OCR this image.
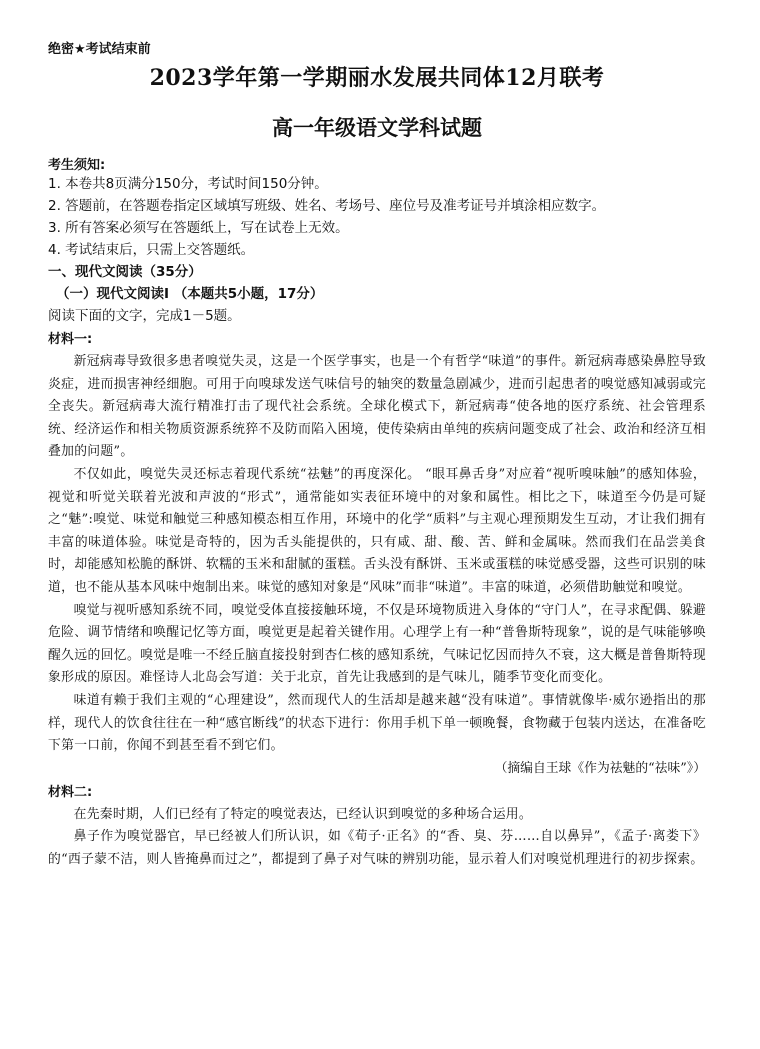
绝密★考试结束前

2023学年第一学期丽水发展共同体12月联考

高一年级语文学科试题

考生须知:

1. 本卷共8页满分150分，考试时间150分钟。

2. 答题前，在答题卷指定区域填写班级、姓名、考场号、座位号及准考证号并填涂相应数字。

3. 所有答案必须写在答题纸上，写在试卷上无效。

4. 考试结束后，只需上交答题纸。

一、现代文阅读（35分）

（一）现代文阅读Ⅰ （本题共5小题，17分）

阅读下面的文字，完成1－5题。

材料一:

新冠病毒导致很多患者嗅觉失灵，这是一个医学事实，也是一个有哲学“味道”的事件。新冠病毒感染鼻腔导致炎症，进而损害神经细胞。可用于向嗅球发送气味信号的轴突的数量急剧减少，进而引起患者的嗅觉感知减弱或完全丧失。新冠病毒大流行精准打击了现代社会系统。全球化模式下，新冠病毒“使各地的医疗系统、社会管理系统、经济运作和相关物质资源系统猝不及防而陷入困境，使传染病由单纯的疾病问题变成了社会、政治和经济互相叠加的问题”。

不仅如此，嗅觉失灵还标志着现代系统“祛魅”的再度深化。 “眼耳鼻舌身”对应着“视听嗅味触”的感知体验，视觉和听觉关联着光波和声波的“形式”，通常能如实表征环境中的对象和属性。相比之下，味道至今仍是可疑之“魅”:嗅觉、味觉和触觉三种感知模态相互作用，环境中的化学“质料”与主观心理预期发生互动，才让我们拥有丰富的味道体验。味觉是奇特的，因为舌头能提供的，只有咸、甜、酸、苦、鲜和金属味。然而我们在品尝美食时，却能感知松脆的酥饼、软糯的玉米和甜腻的蛋糕。舌头没有酥饼、玉米或蛋糕的味觉感受器，这些可识别的味道，也不能从基本风味中炮制出来。味觉的感知对象是“风味”而非“味道”。丰富的味道，必须借助触觉和嗅觉。

嗅觉与视听感知系统不同，嗅觉受体直接接触环境，不仅是环境物质进入身体的“守门人”，在寻求配偶、躲避危险、调节情绪和唤醒记忆等方面，嗅觉更是起着关键作用。心理学上有一种“普鲁斯特现象”，说的是气味能够唤醒久远的回忆。嗅觉是唯一不经丘脑直接投射到杏仁核的感知系统，气味记忆因而持久不衰，这大概是普鲁斯特现象形成的原因。难怪诗人北岛会写道：关于北京，首先让我感到的是气味儿，随季节变化而变化。

味道有赖于我们主观的“心理建设”，然而现代人的生活却是越来越“没有味道”。事情就像毕·威尔逊指出的那样，现代人的饮食往往在一种“感官断线”的状态下进行：你用手机下单一顿晚餐，食物藏于包装内送达，在准备吃下第一口前，你闻不到甚至看不到它们。

（摘编自王球《作为祛魅的“祛味”》）

材料二:

在先秦时期，人们已经有了特定的嗅觉表达，已经认识到嗅觉的多种场合运用。

鼻子作为嗅觉器官，早已经被人们所认识，如《荀子·正名》的“香、臭、芬……自以鼻异”，《孟子·离娄下》的“西子蒙不洁，则人皆掩鼻而过之”，都提到了鼻子对气味的辨别功能，显示着人们对嗅觉机理进行的初步探索。
